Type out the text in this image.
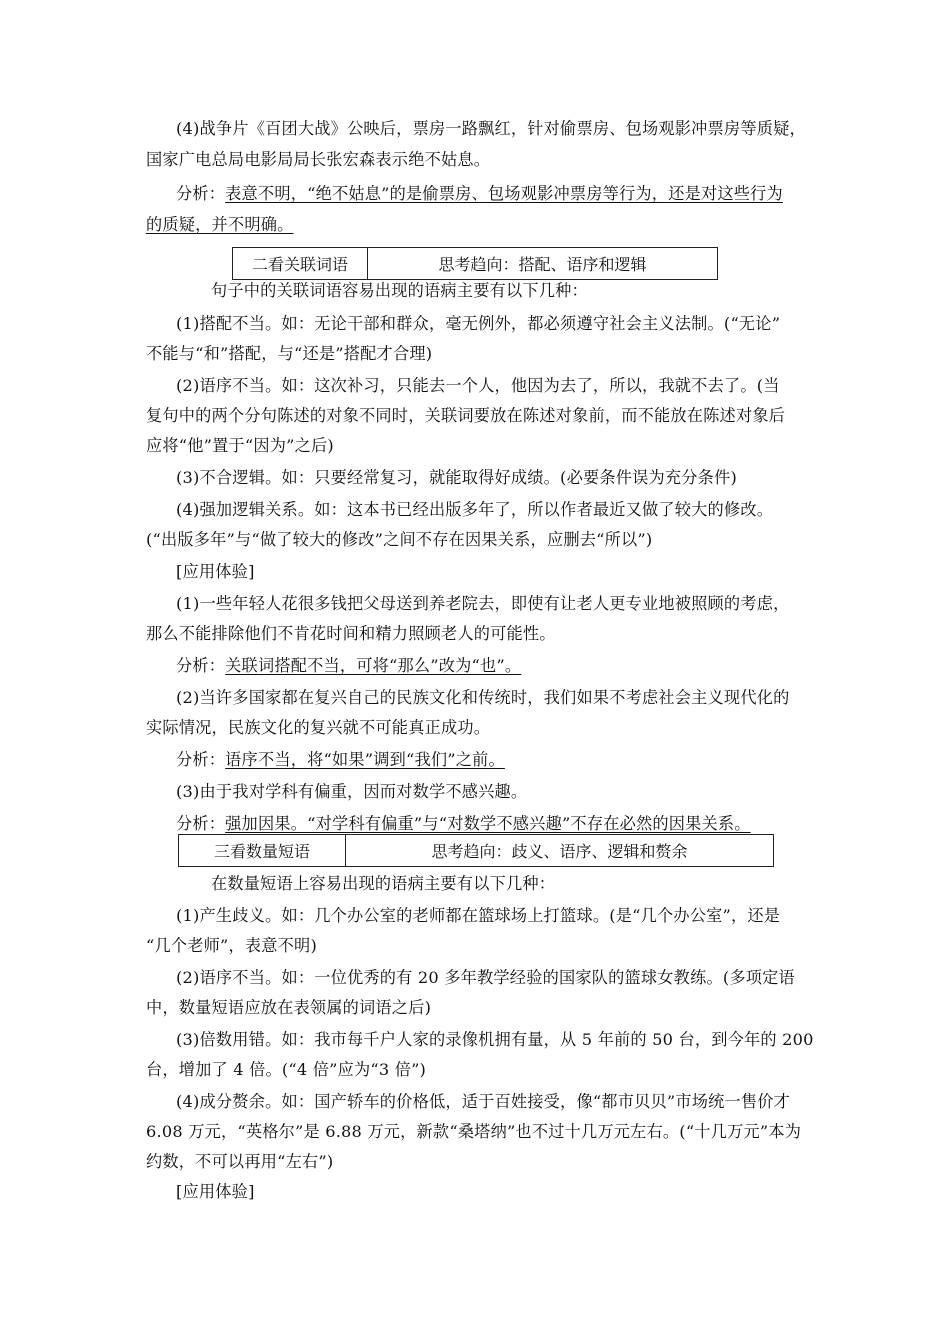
(4)战争片《百团大战》公映后，票房一路飘红，针对偷票房、包场观影冲票房等质疑，
国家广电总局电影局局长张宏森表示绝不姑息。
分析：表意不明，“绝不姑息”的是偷票房、包场观影冲票房等行为，还是对这些行为
的质疑，并不明确。
句子中的关联词语容易出现的语病主要有以下几种：
(1)搭配不当。如：无论干部和群众，毫无例外，都必须遵守社会主义法制。(“无论”
不能与“和”搭配，与“还是”搭配才合理)
(2)语序不当。如：这次补习，只能去一个人，他因为去了，所以，我就不去了。(当
复句中的两个分句陈述的对象不同时，关联词要放在陈述对象前，而不能放在陈述对象后
应将“他”置于“因为”之后)
(3)不合逻辑。如：只要经常复习，就能取得好成绩。(必要条件误为充分条件)
(4)强加逻辑关系。如：这本书已经出版多年了，所以作者最近又做了较大的修改。
(“出版多年”与“做了较大的修改”之间不存在因果关系，应删去“所以”)
[应用体验]
(1)一些年轻人花很多钱把父母送到养老院去，即使有让老人更专业地被照顾的考虑，
那么不能排除他们不肯花时间和精力照顾老人的可能性。
分析：关联词搭配不当，可将“那么”改为“也”。
(2)当许多国家都在复兴自己的民族文化和传统时，我们如果不考虑社会主义现代化的
实际情况，民族文化的复兴就不可能真正成功。
分析：语序不当，将“如果”调到“我们”之前。
(3)由于我对学科有偏重，因而对数学不感兴趣。
分析：强加因果。“对学科有偏重”与“对数学不感兴趣”不存在必然的因果关系。
在数量短语上容易出现的语病主要有以下几种：
(1)产生歧义。如：几个办公室的老师都在篮球场上打篮球。(是“几个办公室”，还是
“几个老师”，表意不明)
(2)语序不当。如：一位优秀的有 20 多年教学经验的国家队的篮球女教练。(多项定语
中，数量短语应放在表领属的词语之后)
(3)倍数用错。如：我市每千户人家的录像机拥有量，从 5 年前的 50 台，到今年的 200
台，增加了 4 倍。(“4 倍”应为“3 倍”)
(4)成分赘余。如：国产轿车的价格低，适于百姓接受，像“都市贝贝”市场统一售价才
6.08 万元，“英格尔”是 6.88 万元，新款“桑塔纳”也不过十几万元左右。(“十几万元”本为
约数，不可以再用“左右”)
[应用体验]
二看关联词语	思考趋向：搭配、语序和逻辑
三看数量短语	思考趋向：歧义、语序、逻辑和赘余
